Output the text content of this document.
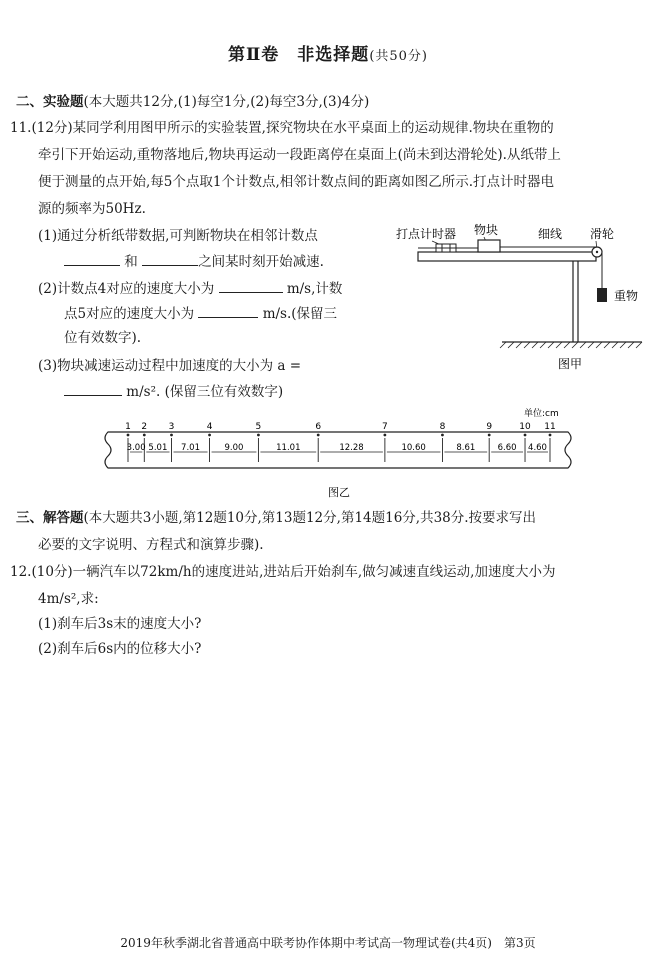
第Ⅱ卷　非选择题(共50分)
二、实验题(本大题共12分,(1)每空1分,(2)每空3分,(3)4分)
11.(12分)某同学利用图甲所示的实验装置,探究物块在水平桌面上的运动规律.物块在重物的
牵引下开始运动,重物落地后,物块再运动一段距离停在桌面上(尚未到达滑轮处).从纸带上
便于测量的点开始,每5个点取1个计数点,相邻计数点间的距离如图乙所示.打点计时器电
源的频率为50Hz.
(1)通过分析纸带数据,可判断物块在相邻计数点
和	之间某时刻开始减速.
(2)计数点4对应的速度大小为	m/s,计数
点5对应的速度大小为	m/s.(保留三
位有效数字).
(3)物块减速运动过程中加速度的大小为 a =
m/s². (保留三位有效数字)
打点计时器 物块	细线 滑轮
重物
图甲
单位:cm
1 2 3	4	5	6	7	8	9	10 11
3.00 5.01 7.01	9.00	11.01	12.28	10.60	8.61	6.60 4.60
图乙
三、解答题(本大题共3小题,第12题10分,第13题12分,第14题16分,共38分.按要求写出
必要的文字说明、方程式和演算步骤).
12.(10分)一辆汽车以72km/h的速度进站,进站后开始刹车,做匀减速直线运动,加速度大小为
4m/s²,求:
(1)刹车后3s末的速度大小?
(2)刹车后6s内的位移大小?
2019年秋季湖北省普通高中联考协作体期中考试高一物理试卷(共4页)　第3页
